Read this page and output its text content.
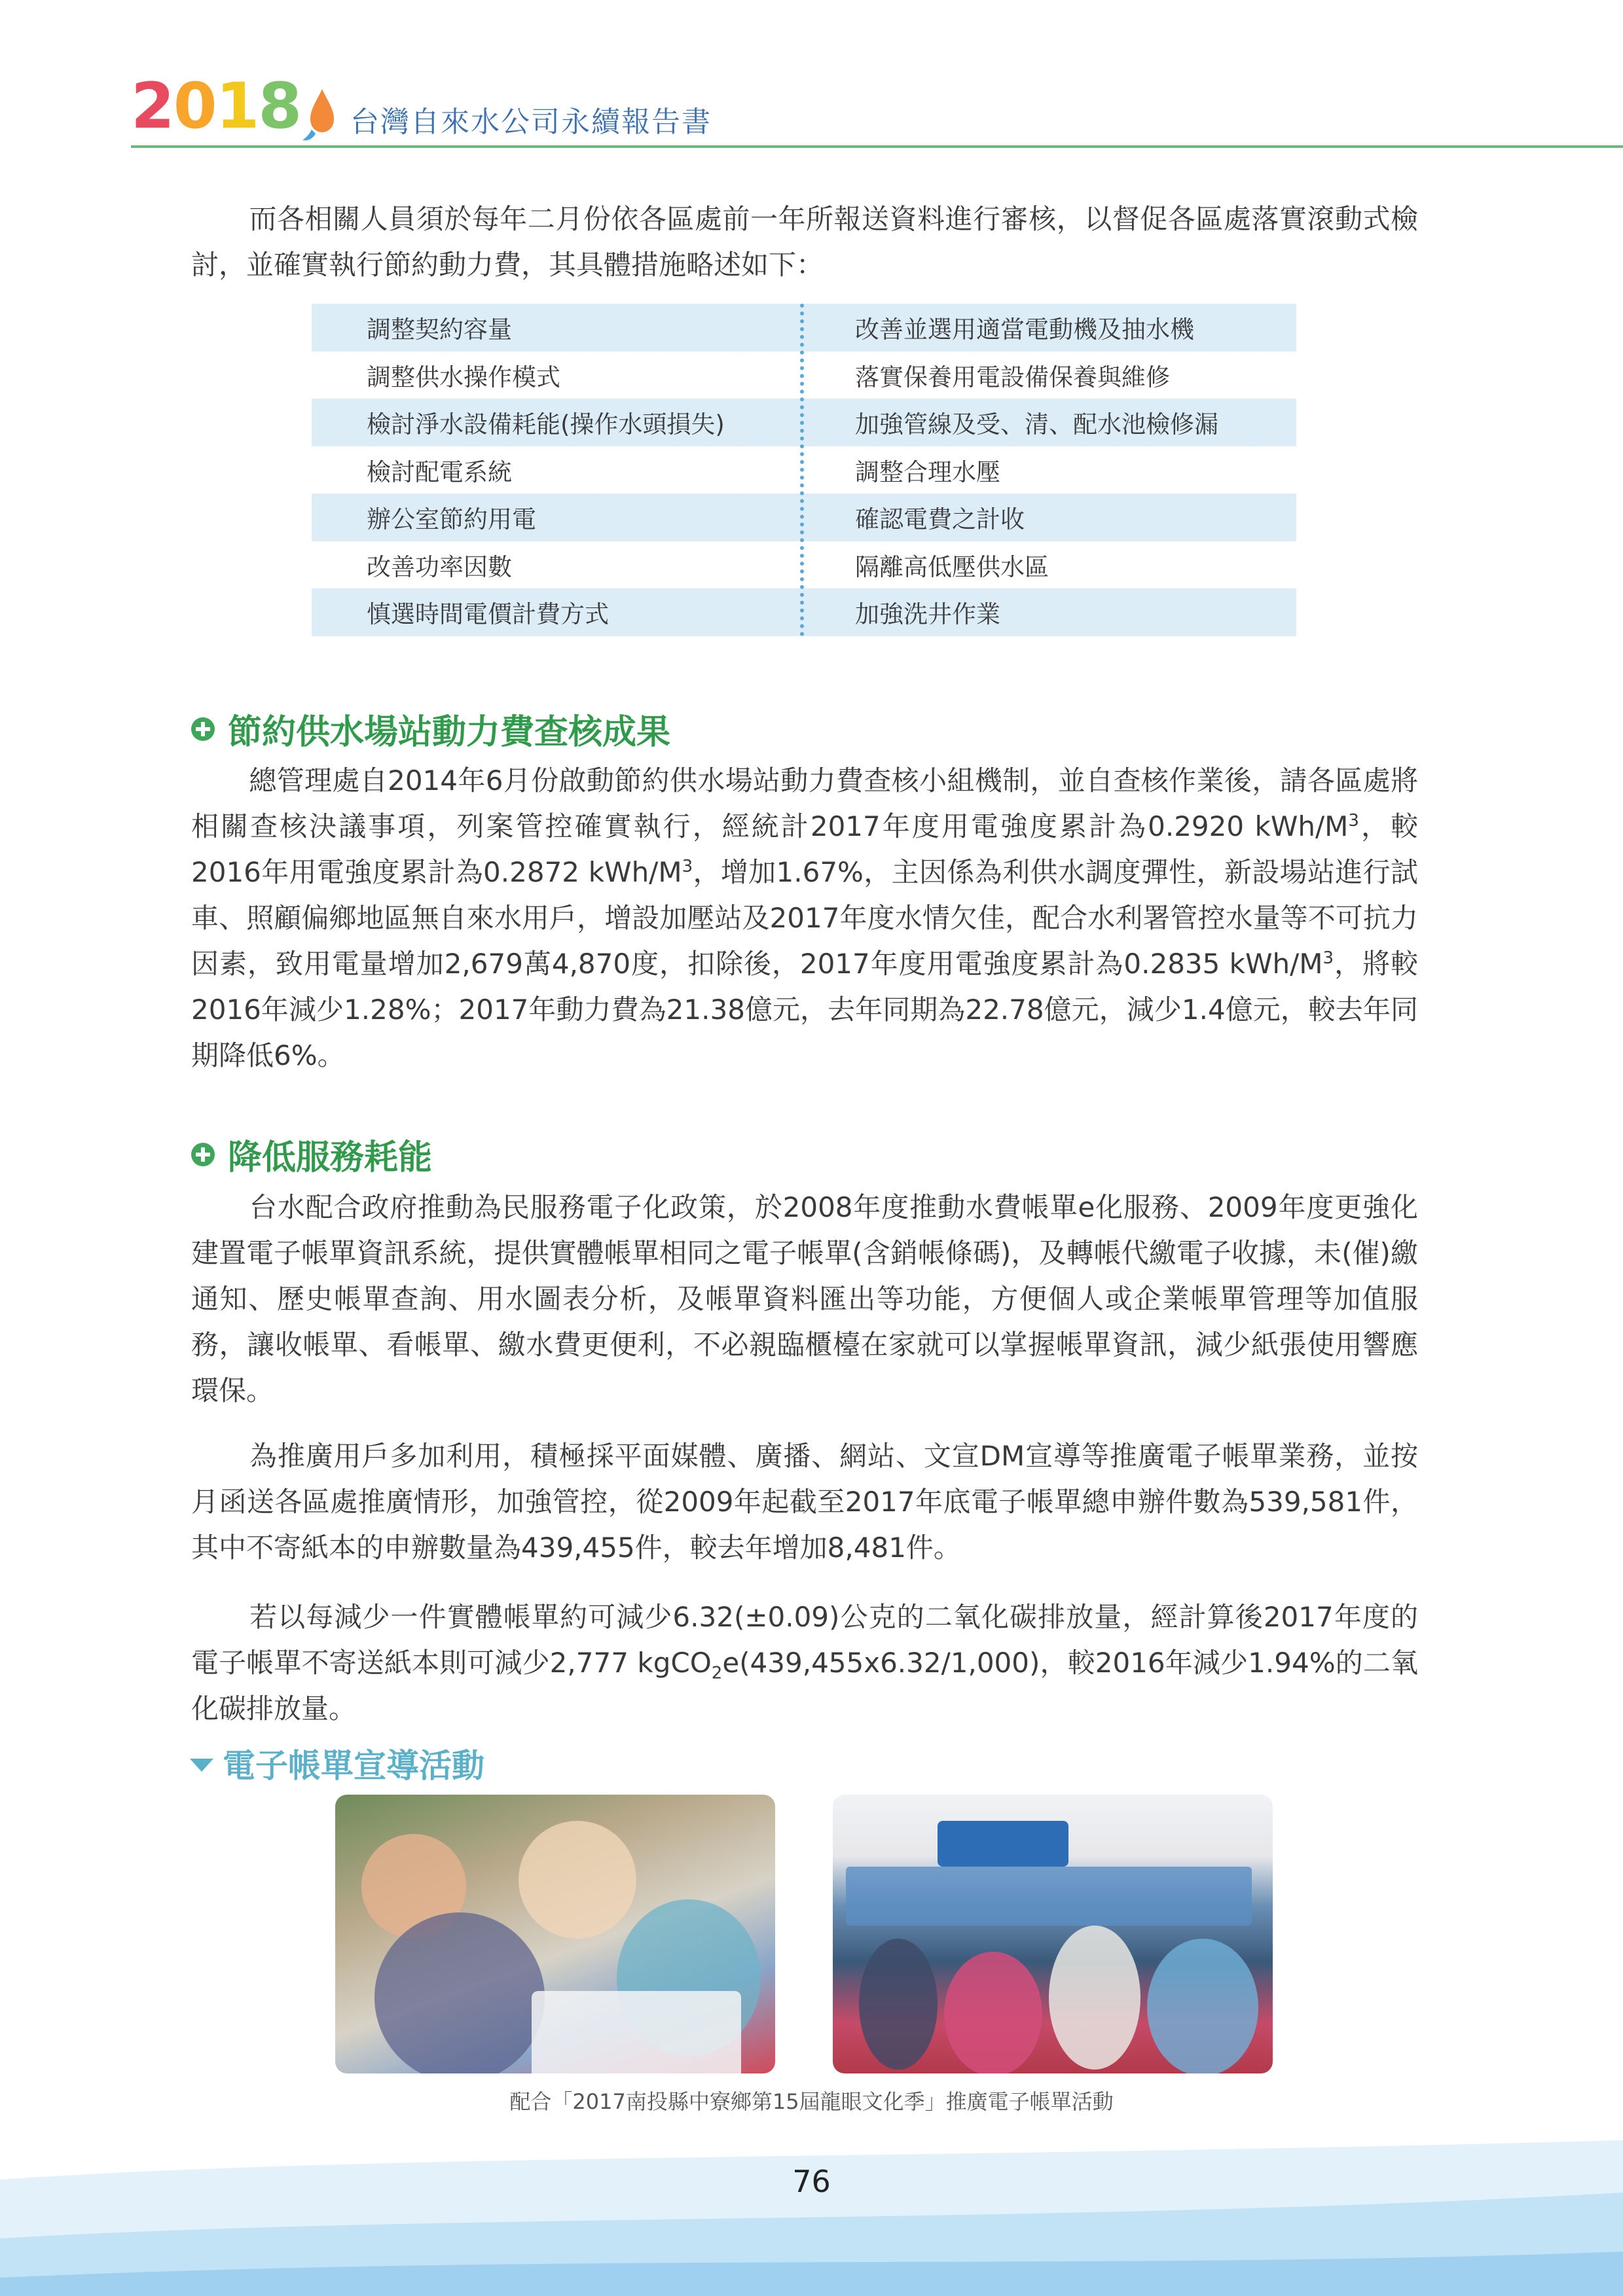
2 0 1 8 台灣自來水公司永續報告書
而各相關人員須於每年二月份依各區處前一年所報送資料進行審核，以督促各區處落實滾動式檢討，並確實執行節約動力費，其具體措施略述如下：
調整契約容量	改善並選用適當電動機及抽水機
調整供水操作模式	落實保養用電設備保養與維修
檢討淨水設備耗能(操作水頭損失)	加強管線及受、清、配水池檢修漏
檢討配電系統	調整合理水壓
辦公室節約用電	確認電費之計收
改善功率因數	隔離高低壓供水區
慎選時間電價計費方式	加強洗井作業
節約供水場站動力費查核成果
總管理處自2014年6月份啟動節約供水場站動力費查核小組機制，並自查核作業後，請各區處將相關查核決議事項，列案管控確實執行，經統計2017年度用電強度累計為0.2920 kWh/$M^3$，較2016年用電強度累計為0.2872 kWh/$M^3$，增加1.67%，主因係為利供水調度彈性，新設場站進行試車、照顧偏鄉地區無自來水用戶，增設加壓站及2017年度水情欠佳，配合水利署管控水量等不可抗力因素，致用電量增加2,679萬4,870度，扣除後，2017年度用電強度累計為0.2835 kWh/$M^3$，將較2016年減少1.28%；2017年動力費為21.38億元，去年同期為22.78億元，減少1.4億元，較去年同期降低6%。
降低服務耗能
台水配合政府推動為民服務電子化政策，於2008年度推動水費帳單e化服務、2009年度更強化建置電子帳單資訊系統，提供實體帳單相同之電子帳單(含銷帳條碼)，及轉帳代繳電子收據，未(催)繳通知、歷史帳單查詢、用水圖表分析，及帳單資料匯出等功能，方便個人或企業帳單管理等加值服務，讓收帳單、看帳單、繳水費更便利，不必親臨櫃檯在家就可以掌握帳單資訊，減少紙張使用響應環保。
為推廣用戶多加利用，積極採平面媒體、廣播、網站、文宣DM宣導等推廣電子帳單業務，並按月函送各區處推廣情形，加強管控，從2009年起截至2017年底電子帳單總申辦件數為539,581件，其中不寄紙本的申辦數量為439,455件，較去年增加8,481件。
若以每減少一件實體帳單約可減少6.32(±0.09)公克的二氧化碳排放量，經計算後2017年度的電子帳單不寄送紙本則可減少2,777 kgCO$_2$e(439,455x6.32/1,000)，較2016年減少1.94%的二氧化碳排放量。
電子帳單宣導活動
配合「2017南投縣中寮鄉第15屆龍眼文化季」推廣電子帳單活動
76
